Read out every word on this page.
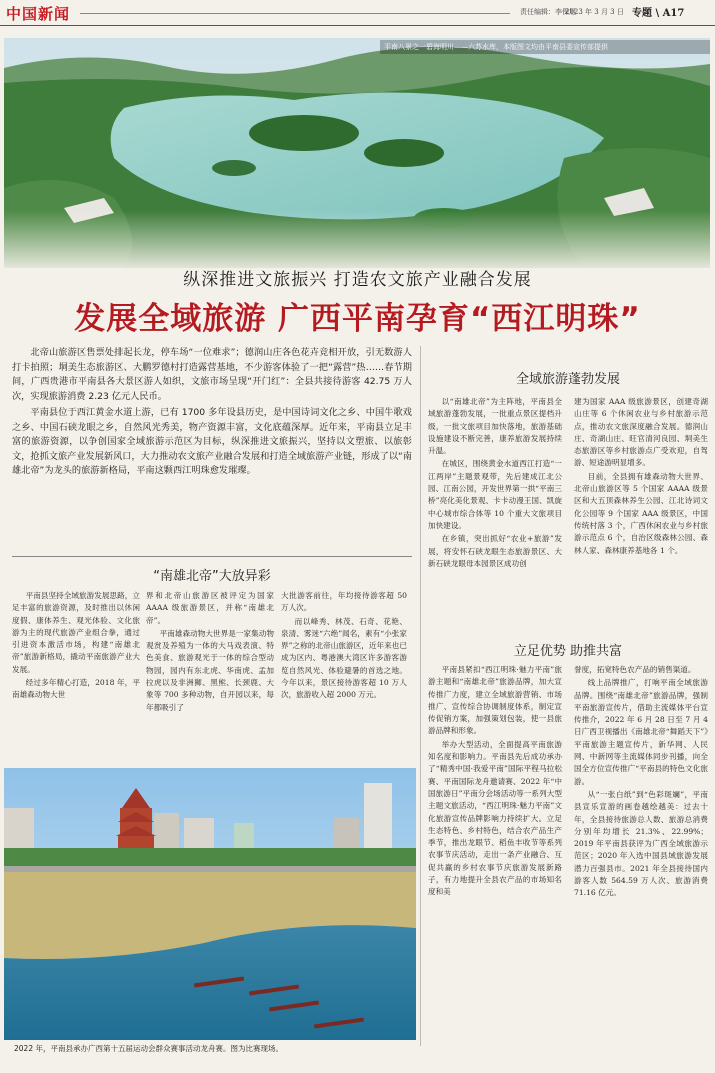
中国新闻	责任编辑：李保旭
2023 年 3 月 3 日 专题 \ A17
平南八景之一碧海明川——六苏水库，本版图文均由平南县委宣传部提供
纵深推进文旅振兴 打造农文旅产业融合发展
发展全域旅游 广西平南孕育“西江明珠”

北帝山旅游区售票处排起长龙，停车场“一位难求”；德润山庄各色花卉竞相开放，引无数游人打卡拍照；垌美生态旅游区、大鹏罗德村打造露营基地，不少游客体验了一把“露营”热……春节期间，广西贵港市平南县各大景区游人如织，文旅市场呈现“开门红”：全县共接待游客 42.75 万人次，实现旅游消费 2.23 亿元人民币。

平南县位于西江黄金水道上游，已有 1700 多年设县历史，是中国诗词文化之乡、中国牛歌戏之乡、中国石硖龙眼之乡，自然风光秀美，物产资源丰富，文化底蕴深厚。近年来，平南县立足丰富的旅游资源，以争创国家全域旅游示范区为目标，纵深推进文旅振兴，坚持以文塑旅、以旅彰文，抢抓文旅产业发展新风口，大力推动农文旅产业融合发展和打造全域旅游产业链，形成了以“南雄北帝”为龙头的旅游新格局，平南这颗西江明珠愈发璀璨。

“南雄北帝”大放异彩

平南县坚持全域旅游发展思路，立足丰富的旅游资源，及时推出以休闲度假、康体养生、观光体验、文化旅游为主的现代旅游产业组合拳，通过引进资本激活市场，构建“南雄北帝”旅游新格局，撬动平南旅游产业大发展。

经过多年精心打造，2018 年，平南雄森动物大世

界和北帝山旅游区被评定为国家 AAAA 级旅游景区，并称“南雄北帝”。

平南雄森动物大世界是一家集动物观赏及养殖为一体的大马戏表演、特色美食、旅游观光于一体的综合型动物园，园内有东北虎、华南虎、孟加拉虎以及非洲狮、黑熊、长颈鹿、大象等 700 多种动物，自开园以来，每年都吸引了

大批游客前往，年均接待游客超 50 万人次。

而以峰秀、林茂、石奇、花艳、泉清、雾迷“六绝”闻名，素有“小张家界”之称的北帝山旅游区，近年来也已成为区内、粤港澳大湾区许多游客游览自然风光、体验避暑的首选之地。今年以来，景区接待游客超 10 万人次，旅游收入超 2000 万元。

2022 年，平南县承办广西第十五届运动会群众赛事活动龙舟赛。图为比赛现场。
全域旅游蓬勃发展

以“南雄北帝”为主阵地，平南县全域旅游蓬勃发展，一批重点景区提档升级，一批文旅项目加快落地，旅游基础设施建设不断完善，康养旅游发展持续升温。

在城区，围绕黄金水道西江打造“一江两岸”主题景观带，先后建成江北公园、江南公园，开发世界第一拱“平南三桥”亮化美化景观、卡卡动漫王国、凯旋中心城市综合体等 10 个重大文旅项目加快建设。

在乡镇，突出抓好“农业+旅游”发展，将安怀石硖龙眼生态旅游景区、大新石硖龙眼母本园景区成功创

建为国家 AAA 级旅游景区，创建奇湖山庄等 6 个休闲农业与乡村旅游示范点，推动农文旅深度融合发展。德润山庄、奇湖山庄、旺官清河良园、垌美生态旅游区等乡村旅游点广受欢迎，自驾游、短途游明显增多。

目前，全县拥有雄森动物大世界、北帝山旅游区等 5 个国家 AAAA 级景区和大五顶森林养生公园、江北诗词文化公园等 9 个国家 AAA 级景区，中国传统村落 3 个，广西休闲农业与乡村旅游示范点 6 个，自治区级森林公园、森林人家、森林康养基地各 1 个。

立足优势 助推共富

平南县紧扣“西江明珠·魅力平南”旅游主题和“南雄北帝”旅游品牌，加大宣传推广力度，建立全域旅游营销、市场推广、宣传综合协调制度体系，制定宣传促销方案，加强策划包装，使一县旅游品牌和形象。

举办大型活动，全面提高平南旅游知名度和影响力。平南县先后成功承办了“精秀中国·我爱平南”国际平程马拉松赛、平南国际龙舟邀请赛、2022 年“中国旅游日”平南分会场活动等一系列大型主题文旅活动，“西江明珠·魅力平南”文化旅游宣传品牌影响力持续扩大。立足生态特色、乡村特色，结合农产品生产季节，推出龙眼节、稻鱼丰收节等系列农事节庆活动，走出一条产业融合、互促共赢的乡村农事节庆旅游发展新路子，有力地提升全县农产品的市场知名度和美

誉度，拓宽特色农产品的销售渠道。

线上品牌推广，打响平南全域旅游品牌。围绕“南雄北帝”旅游品牌，强制平南旅游宣传片，借助主流媒体平台宣传推介，2022 年 6 月 28 日至 7 月 4 日广西卫视播出《南雄北帝“舞蹈天下”》平南旅游主题宣传片，新华网、人民网、中新网等主流媒体同步刊播，向全国全方位宣传推广“平南县的特色文化旅游。

从“一张白纸”到“色彩斑斓”，平南县宣乐宣游的画卷越绘越美：过去十年，全县接待旅游总人数、旅游总消费分别年均增长 21.3%、22.99%；2019 年平南县获评为广西全域旅游示范区；2020 年入选中国县域旅游发展潜力百强县市。2021 年全县接待国内游客人数 564.59 万人次、旅游消费 71.16 亿元。
